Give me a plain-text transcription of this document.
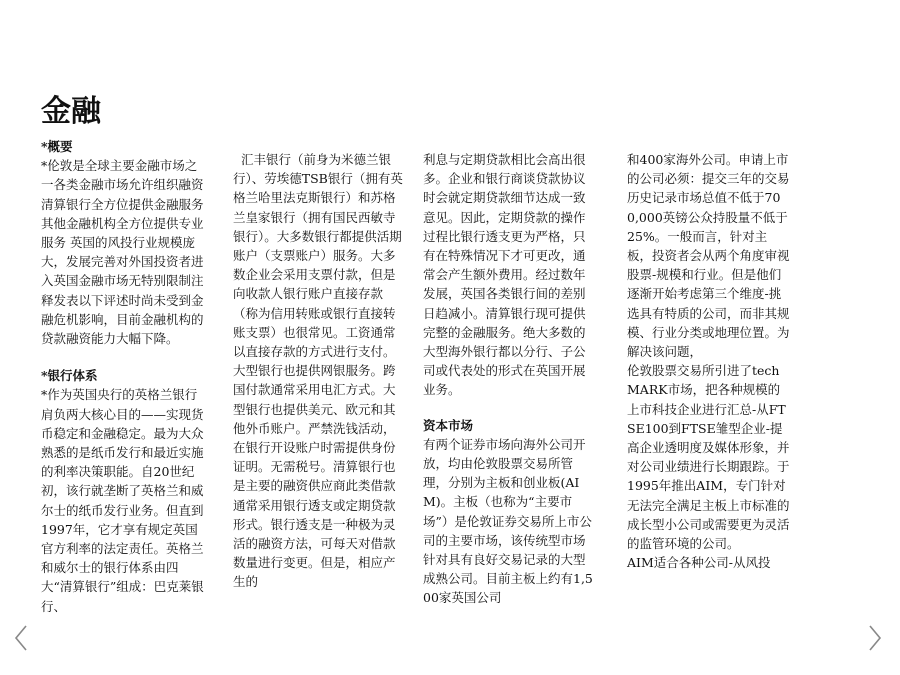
金融

*概要

*伦敦是全球主要金融市场之一各类金融市场允许组织融资清算银行全方位提供金融服务其他金融机构全方位提供专业服务 英国的风投行业规模庞大，发展完善对外国投资者进入英国金融市场无特别限制注释发表以下评述时尚未受到金融危机影响，目前金融机构的贷款融资能力大幅下降。

*银行体系

*作为英国央行的英格兰银行肩负两大核心目的——实现货币稳定和金融稳定。最为大众熟悉的是纸币发行和最近实施的利率决策职能。自20世纪初，该行就垄断了英格兰和威尔士的纸币发行业务。但直到1997年，它才享有规定英国官方利率的法定责任。英格兰和威尔士的银行体系由四大“清算银行”组成：巴克莱银行、

汇丰银行（前身为米德兰银行）、劳埃德TSB银行（拥有英格兰哈里法克斯银行）和苏格兰皇家银行（拥有国民西敏寺银行）。大多数银行都提供活期账户（支票账户）服务。大多数企业会采用支票付款，但是向收款人银行账户直接存款（称为信用转账或银行直接转账支票）也很常见。工资通常以直接存款的方式进行支付。大型银行也提供网银服务。跨国付款通常采用电汇方式。大型银行也提供美元、欧元和其他外币账户。严禁洗钱活动，在银行开设账户时需提供身份证明。无需税号。清算银行也是主要的融资供应商此类借款通常采用银行透支或定期贷款形式。银行透支是一种极为灵活的融资方法，可每天对借款数量进行变更。但是，相应产生的

利息与定期贷款相比会高出很多。企业和银行商谈贷款协议时会就定期贷款细节达成一致意见。因此，定期贷款的操作过程比银行透支更为严格，只有在特殊情况下才可更改，通常会产生额外费用。经过数年发展，英国各类银行间的差别日趋减小。清算银行现可提供完整的金融服务。绝大多数的大型海外银行都以分行、子公司或代表处的形式在英国开展业务。

资本市场

有两个证券市场向海外公司开放，均由伦敦股票交易所管理，分别为主板和创业板(AIM)。主板（也称为“主要市场”）是伦敦证券交易所上市公司的主要市场，该传统型市场针对具有良好交易记录的大型成熟公司。目前主板上约有1,500家英国公司

和400家海外公司。申请上市的公司必须：提交三年的交易历史记录市场总值不低于700,000英镑公众持股量不低于25%。一般而言，针对主板，投资者会从两个角度审视股票-规模和行业。但是他们逐渐开始考虑第三个维度-挑选具有特质的公司，而非其规模、行业分类或地理位置。为解决该问题，

伦敦股票交易所引进了techMARK市场，把各种规模的上市科技企业进行汇总-从FTSE100到FTSE雏型企业-提高企业透明度及媒体形象，并对公司业绩进行长期跟踪。于1995年推出AIM，专门针对无法完全满足主板上市标准的成长型小公司或需要更为灵活的监管环境的公司。

AIM适合各种公司-从风投
